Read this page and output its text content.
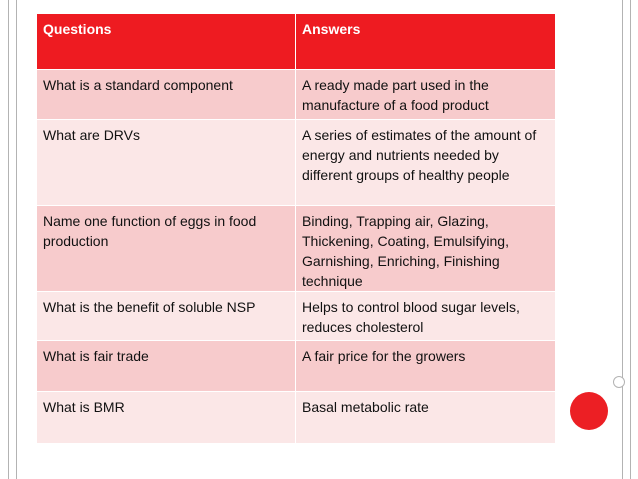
Questions	Answers
What is a standard component	A ready made part used in the manufacture of a food product
What are DRVs	A series of estimates of the amount of energy and nutrients needed by different groups of healthy people
Name one function of eggs in food production	Binding, Trapping air, Glazing, Thickening, Coating, Emulsifying, Garnishing, Enriching, Finishing technique
What is the benefit of soluble NSP	Helps to control blood sugar levels, reduces cholesterol
What is fair trade	A fair price for the growers
What is BMR	Basal metabolic rate
